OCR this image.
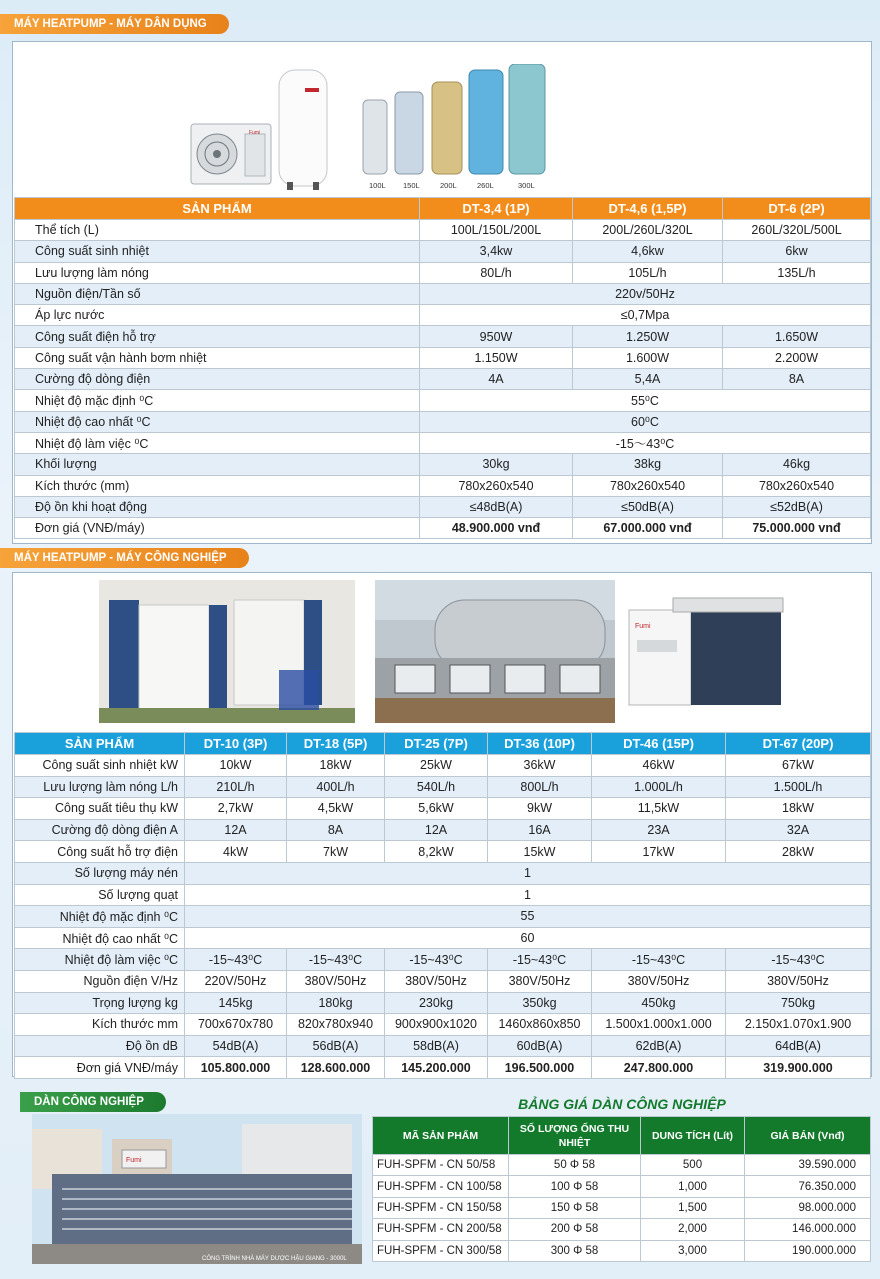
MÁY HEATPUMP - MÁY DÂN DỤNG
Fumi
100L 150L	200L	260L	300L
SẢN PHẨM	DT-3,4 (1P)	DT-4,6 (1,5P)	DT-6 (2P)
Thể tích (L)	100L/150L/200L	200L/260L/320L	260L/320L/500L
Công suất sinh nhiệt	3,4kw	4,6kw	6kw
Lưu lượng làm nóng	80L/h	105L/h	135L/h
Nguồn điện/Tần số	220v/50Hz		
Áp lực nước	≤0,7Mpa		
Công suất điện hỗ trợ	950W	1.250W	1.650W
Công suất vận hành bơm nhiệt	1.150W	1.600W	2.200W
Cường độ dòng điện	4A	5,4A	8A
Nhiệt độ mặc định ⁰C	55⁰C		
Nhiệt độ cao nhất ⁰C	60⁰C		
Nhiệt độ làm việc ⁰C	-15～43⁰C		
Khối lượng	30kg	38kg	46kg
Kích thước (mm)	780x260x540	780x260x540	780x260x540
Độ ồn khi hoạt động	≤48dB(A)	≤50dB(A)	≤52dB(A)
Đơn giá (VNĐ/máy)	48.900.000 vnđ	67.000.000 vnđ	75.000.000 vnđ
MÁY HEATPUMP - MÁY CÔNG NGHIỆP
Fumi
SẢN PHẨM	DT-10 (3P)	DT-18 (5P)	DT-25 (7P)	DT-36 (10P)	DT-46 (15P)	DT-67 (20P)
Công suất sinh nhiệt kW	10kW	18kW	25kW	36kW	46kW	67kW
Lưu lượng làm nóng L/h	210L/h	400L/h	540L/h	800L/h	1.000L/h	1.500L/h
Công suất tiêu thụ kW	2,7kW	4,5kW	5,6kW	9kW	11,5kW	18kW
Cường độ dòng điện A	12A	8A	12A	16A	23A	32A
Công suất hỗ trợ điện	4kW	7kW	8,2kW	15kW	17kW	28kW
Số lượng máy nén	1					
Số lượng quạt	1					
Nhiệt độ mặc định ⁰C	55					
Nhiệt độ cao nhất ⁰C	60					
Nhiệt độ làm việc ⁰C	-15~43⁰C	-15~43⁰C	-15~43⁰C	-15~43⁰C	-15~43⁰C	-15~43⁰C
Nguồn điện V/Hz	220V/50Hz	380V/50Hz	380V/50Hz	380V/50Hz	380V/50Hz	380V/50Hz
Trọng lượng kg	145kg	180kg	230kg	350kg	450kg	750kg
Kích thước mm	700x670x780	820x780x940	900x900x1020	1460x860x850	1.500x1.000x1.000	2.150x1.070x1.900
Độ ồn dB	54dB(A)	56dB(A)	58dB(A)	60dB(A)	62dB(A)	64dB(A)
Đơn giá VNĐ/máy	105.800.000	128.600.000	145.200.000	196.500.000	247.800.000	319.900.000
DÀN CÔNG NGHIỆP
Fumi
CÔNG TRÌNH NHÀ MÁY DƯỢC HẬU GIANG - 3000L
BẢNG GIÁ DÀN CÔNG NGHIỆP
MÃ SẢN PHẨM	SỐ LƯỢNG ỐNG THU NHIỆT	DUNG TÍCH (Lít)	GIÁ BÁN (Vnđ)
FUH-SPFM - CN 50/58	50 Φ 58	500	39.590.000
FUH-SPFM - CN 100/58	100 Φ 58	1,000	76.350.000
FUH-SPFM - CN 150/58	150 Φ 58	1,500	98.000.000
FUH-SPFM - CN 200/58	200 Φ 58	2,000	146.000.000
FUH-SPFM - CN 300/58	300 Φ 58	3,000	190.000.000
